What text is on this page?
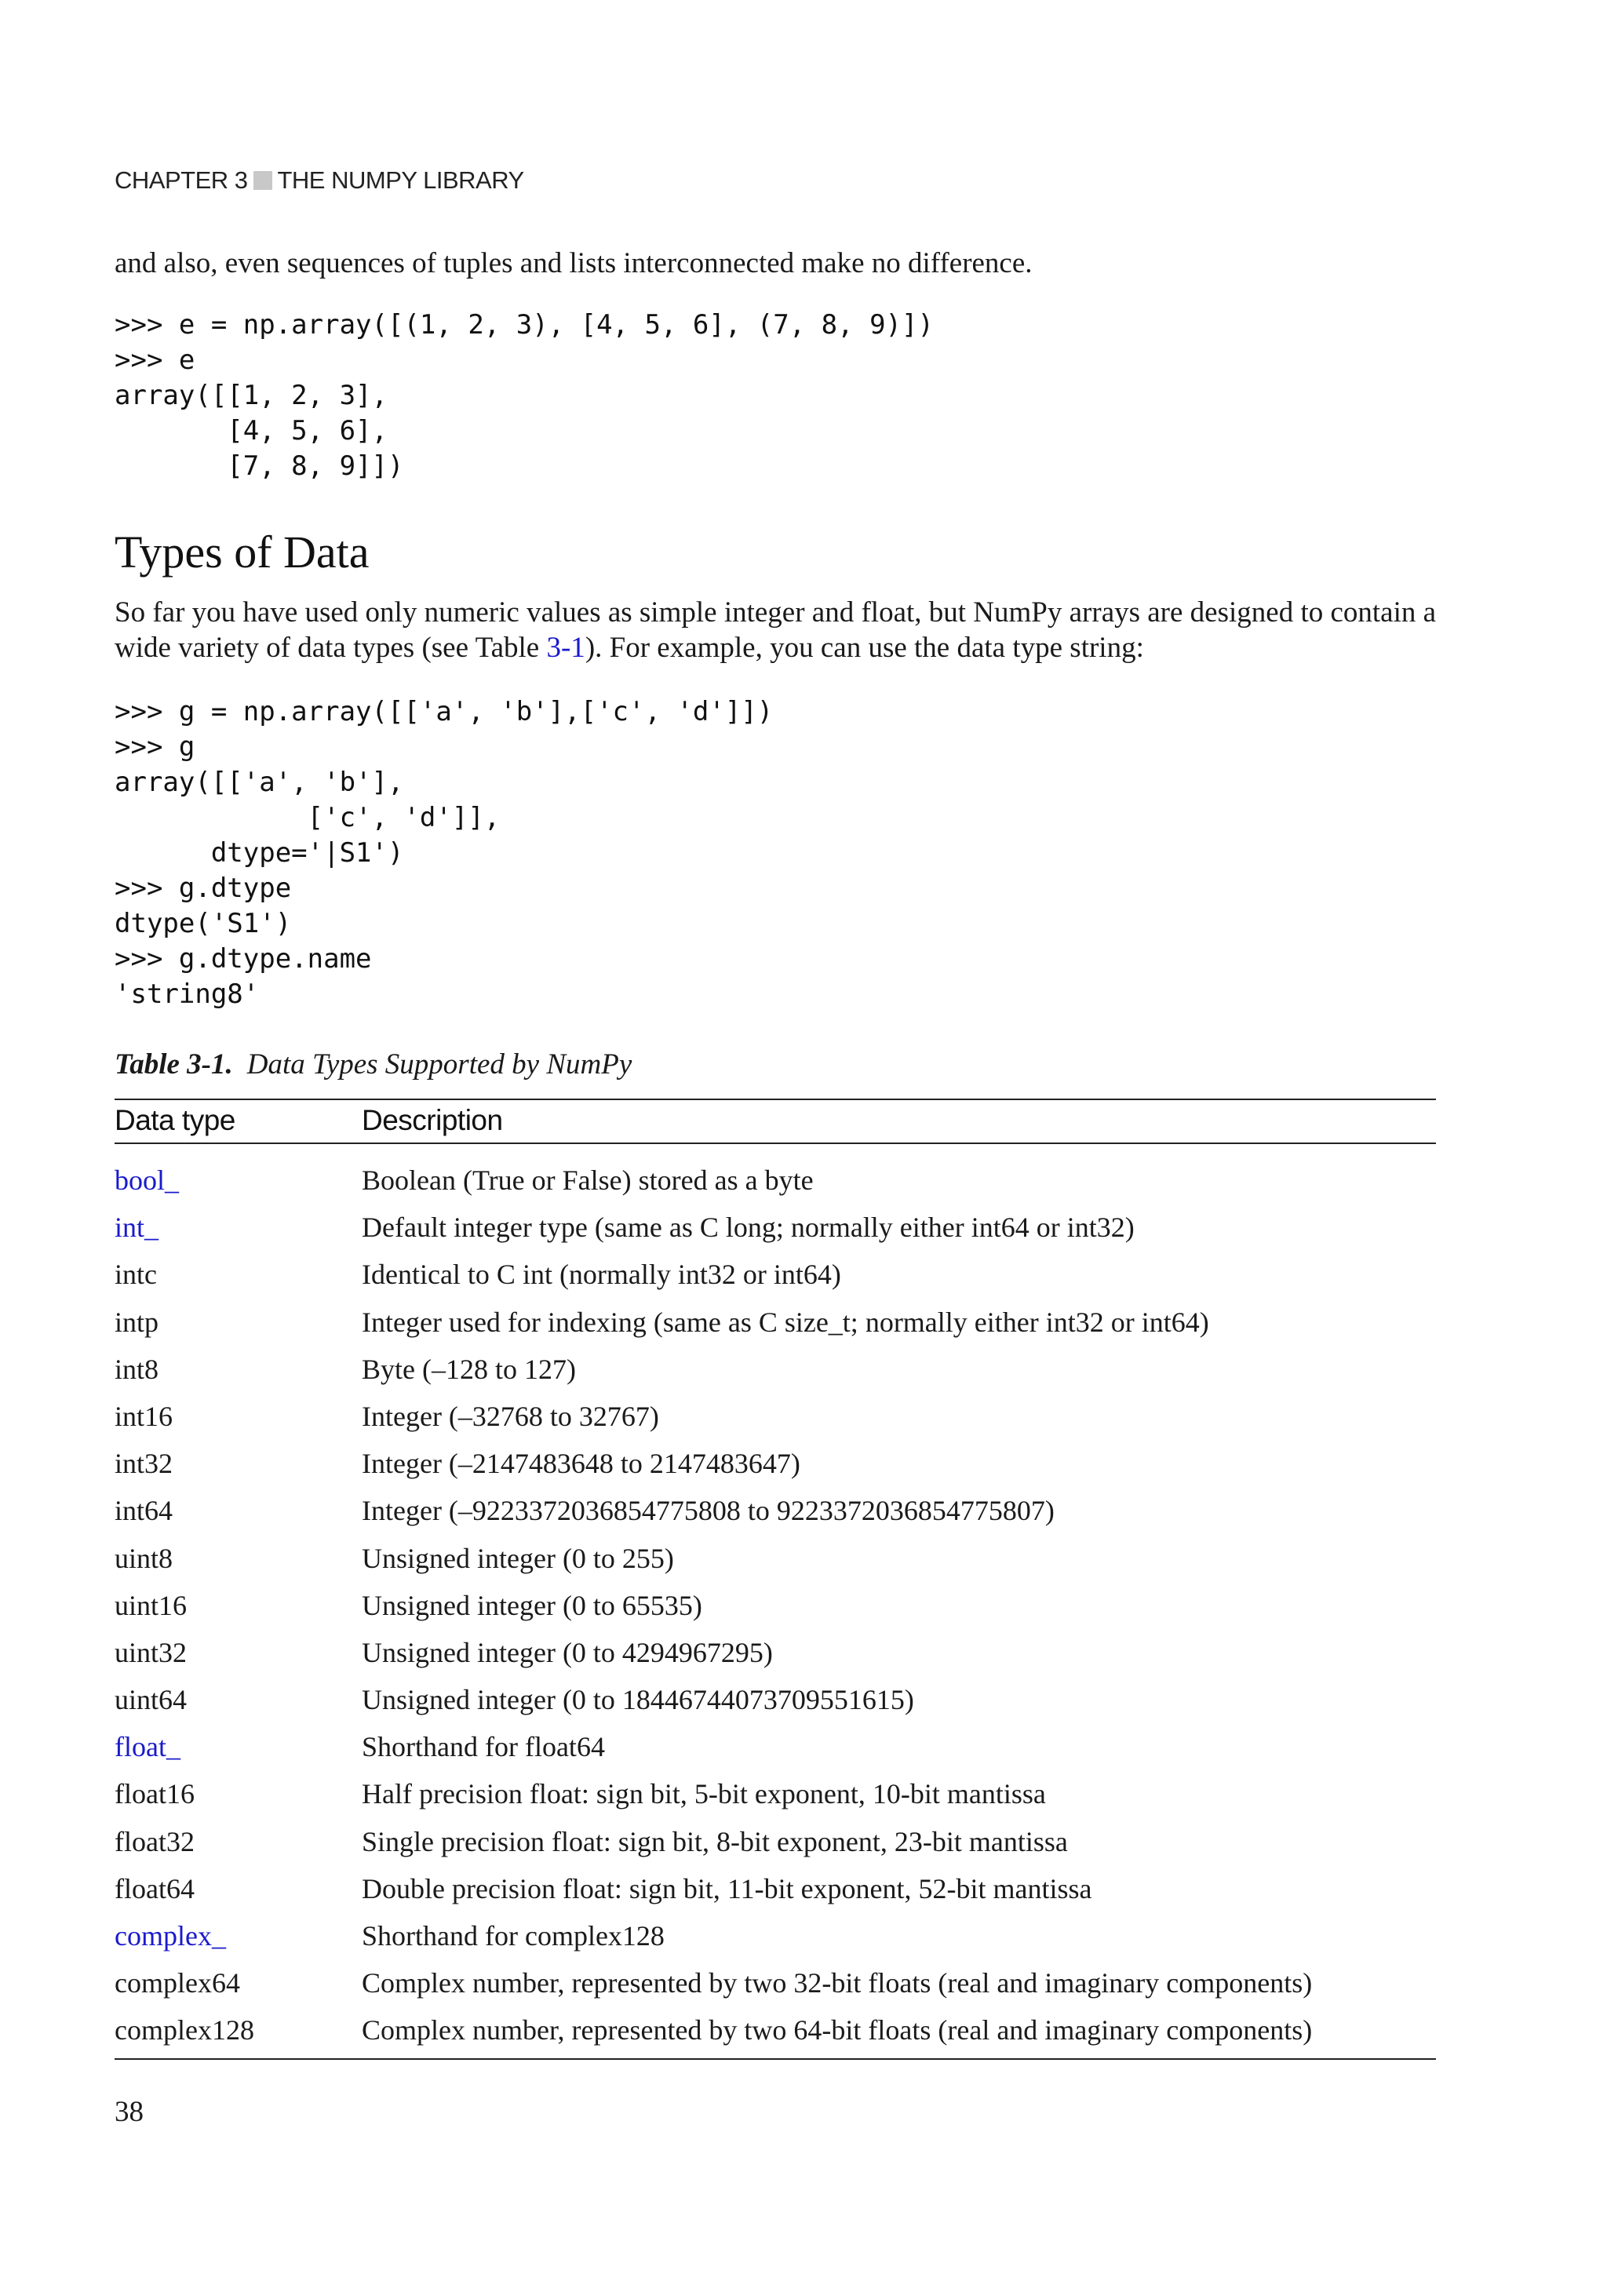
CHAPTER 3 THE NUMPY LIBRARY
and also, even sequences of tuples and lists interconnected make no difference.
>>> e = np.array([(1, 2, 3), [4, 5, 6], (7, 8, 9)])
>>> e
array([[1, 2, 3],
[4, 5, 6],
[7, 8, 9]])
Types of Data
So far you have used only numeric values as simple integer and float, but NumPy arrays are designed to contain a wide variety of data types (see Table 3-1). For example, you can use the data type string:
>>> g = np.array([['a', 'b'],['c', 'd']])
>>> g
array([['a', 'b'],
['c', 'd']],
dtype='|S1')
>>> g.dtype
dtype('S1')
>>> g.dtype.name
'string8'
Table 3-1. Data Types Supported by NumPy
Data type	Description
bool_	Boolean (True or False) stored as a byte
int_	Default integer type (same as C long; normally either int64 or int32)
intc	Identical to C int (normally int32 or int64)
intp	Integer used for indexing (same as C size_t; normally either int32 or int64)
int8	Byte (–128 to 127)
int16	Integer (–32768 to 32767)
int32	Integer (–2147483648 to 2147483647)
int64	Integer (–9223372036854775808 to 9223372036854775807)
uint8	Unsigned integer (0 to 255)
uint16	Unsigned integer (0 to 65535)
uint32	Unsigned integer (0 to 4294967295)
uint64	Unsigned integer (0 to 18446744073709551615)
float_	Shorthand for float64
float16	Half precision float: sign bit, 5-bit exponent, 10-bit mantissa
float32	Single precision float: sign bit, 8-bit exponent, 23-bit mantissa
float64	Double precision float: sign bit, 11-bit exponent, 52-bit mantissa
complex_	Shorthand for complex128
complex64	Complex number, represented by two 32-bit floats (real and imaginary components)
complex128	Complex number, represented by two 64-bit floats (real and imaginary components)
38
